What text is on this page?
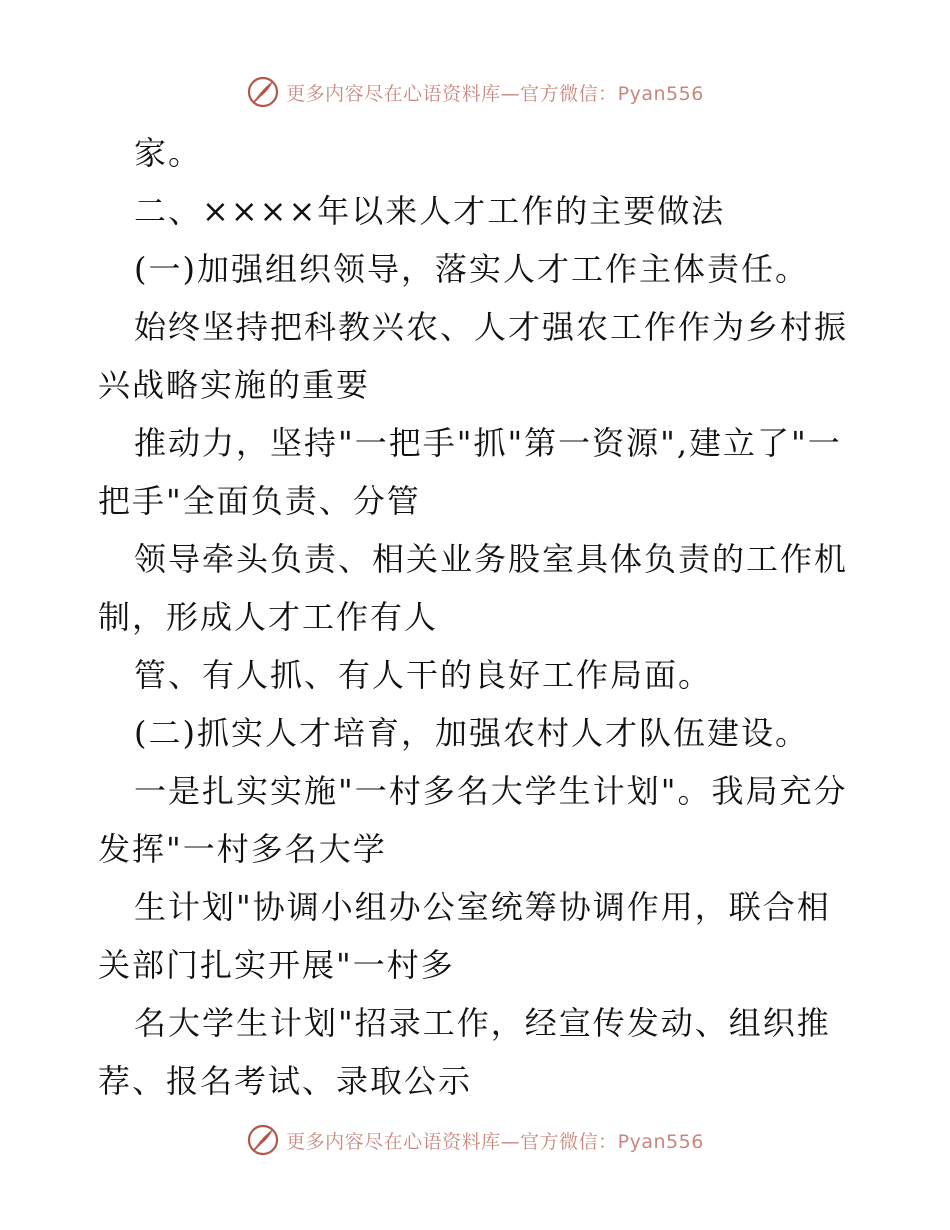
更多内容尽在心语资料库—官方微信：Pyan556

家。

二、××××年以来人才工作的主要做法

(一)加强组织领导，落实人才工作主体责任。

始终坚持把科教兴农、人才强农工作作为乡村振

兴战略实施的重要

推动力，坚持"一把手"抓"第一资源",建立了"一

把手"全面负责、分管

领导牵头负责、相关业务股室具体负责的工作机

制，形成人才工作有人

管、有人抓、有人干的良好工作局面。

(二)抓实人才培育，加强农村人才队伍建设。

一是扎实实施"一村多名大学生计划"。我局充分

发挥"一村多名大学

生计划"协调小组办公室统筹协调作用，联合相

关部门扎实开展"一村多

名大学生计划"招录工作，经宣传发动、组织推

荐、报名考试、录取公示

更多内容尽在心语资料库—官方微信：Pyan556
